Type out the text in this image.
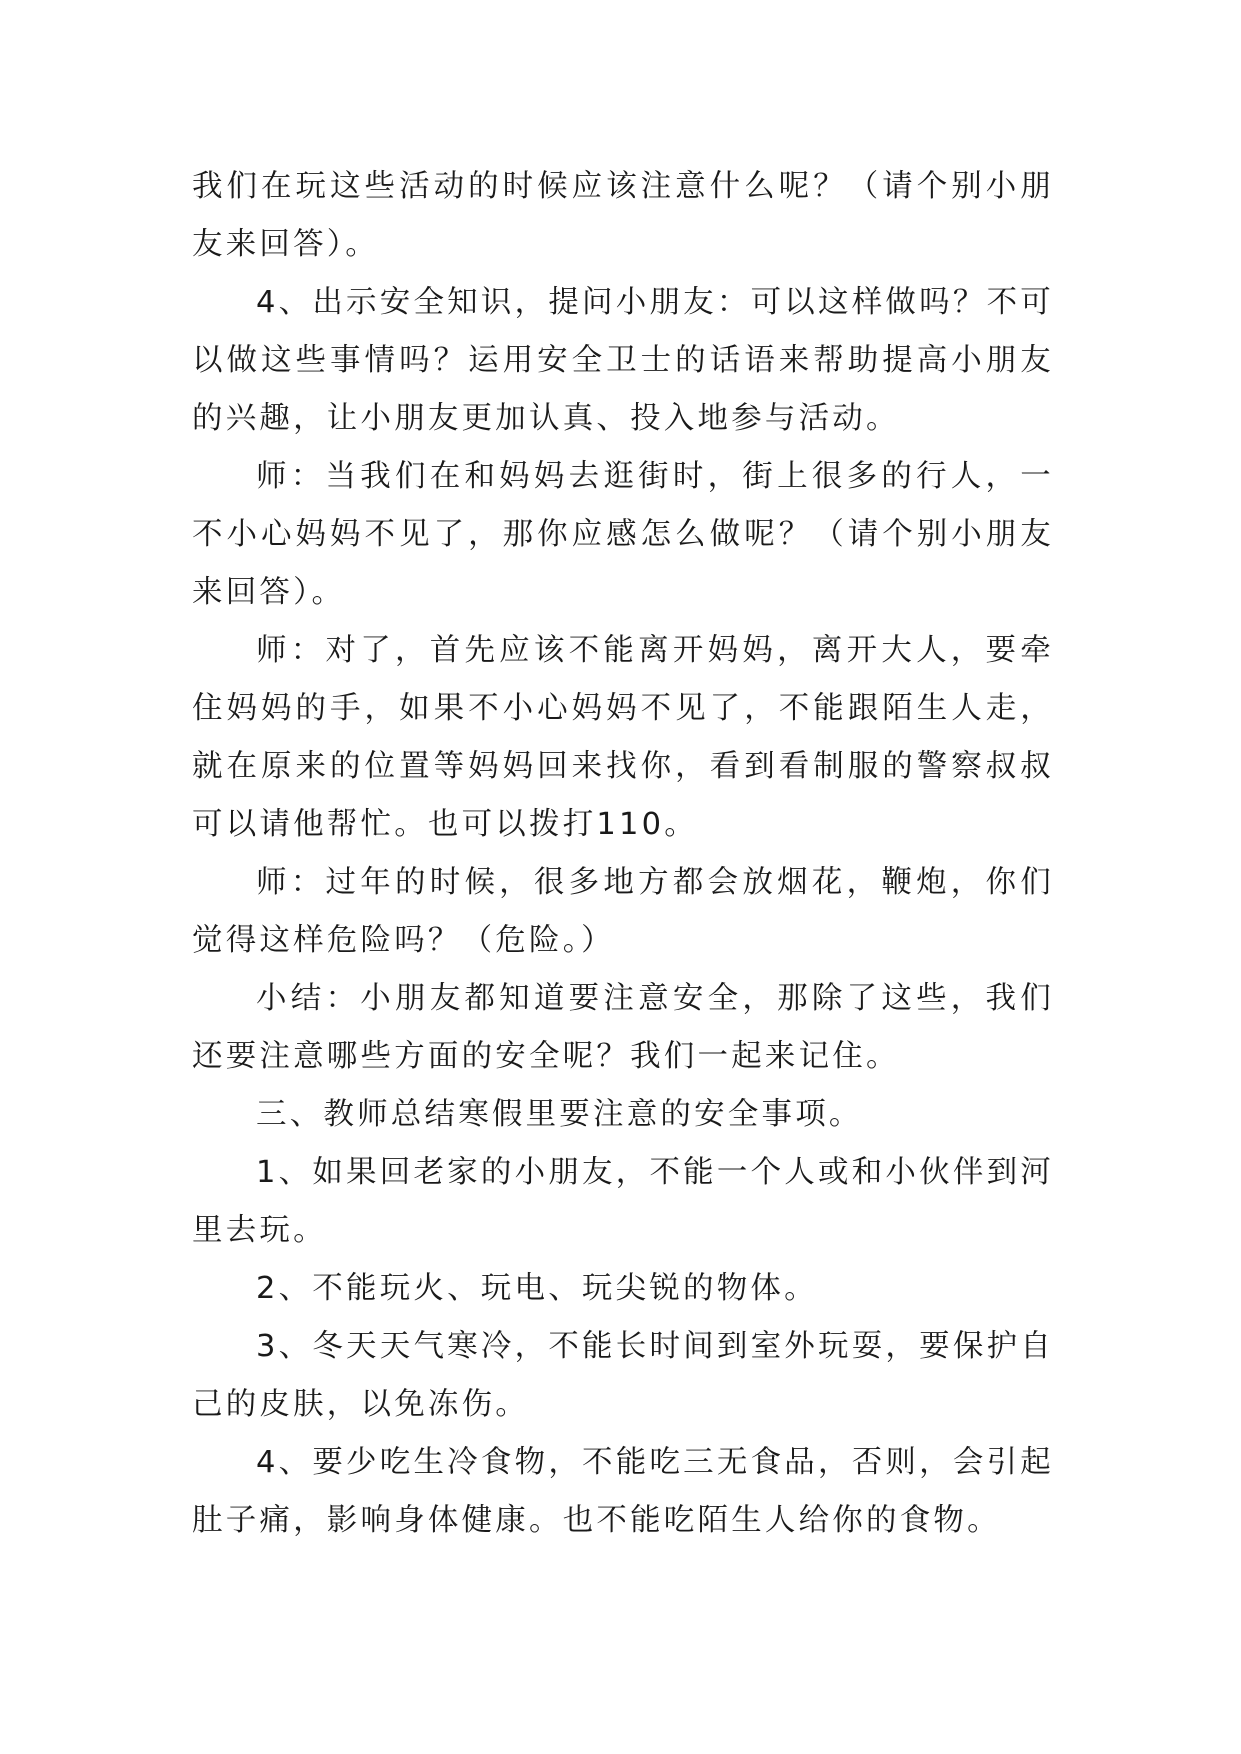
我们在玩这些活动的时候应该注意什么呢？（请个别小朋友来回答）。

4、出示安全知识，提问小朋友：可以这样做吗？不可以做这些事情吗？运用安全卫士的话语来帮助提高小朋友的兴趣，让小朋友更加认真、投入地参与活动。

师：当我们在和妈妈去逛街时，街上很多的行人，一不小心妈妈不见了，那你应感怎么做呢？（请个别小朋友来回答）。

师：对了，首先应该不能离开妈妈，离开大人，要牵住妈妈的手，如果不小心妈妈不见了，不能跟陌生人走，就在原来的位置等妈妈回来找你，看到看制服的警察叔叔可以请他帮忙。也可以拨打110。

师：过年的时候，很多地方都会放烟花，鞭炮，你们觉得这样危险吗？（危险。）

小结：小朋友都知道要注意安全，那除了这些，我们还要注意哪些方面的安全呢？我们一起来记住。

三、教师总结寒假里要注意的安全事项。

1、如果回老家的小朋友，不能一个人或和小伙伴到河里去玩。

2、不能玩火、玩电、玩尖锐的物体。

3、冬天天气寒冷，不能长时间到室外玩耍，要保护自己的皮肤，以免冻伤。

4、要少吃生冷食物，不能吃三无食品，否则，会引起肚子痛，影响身体健康。也不能吃陌生人给你的食物。
